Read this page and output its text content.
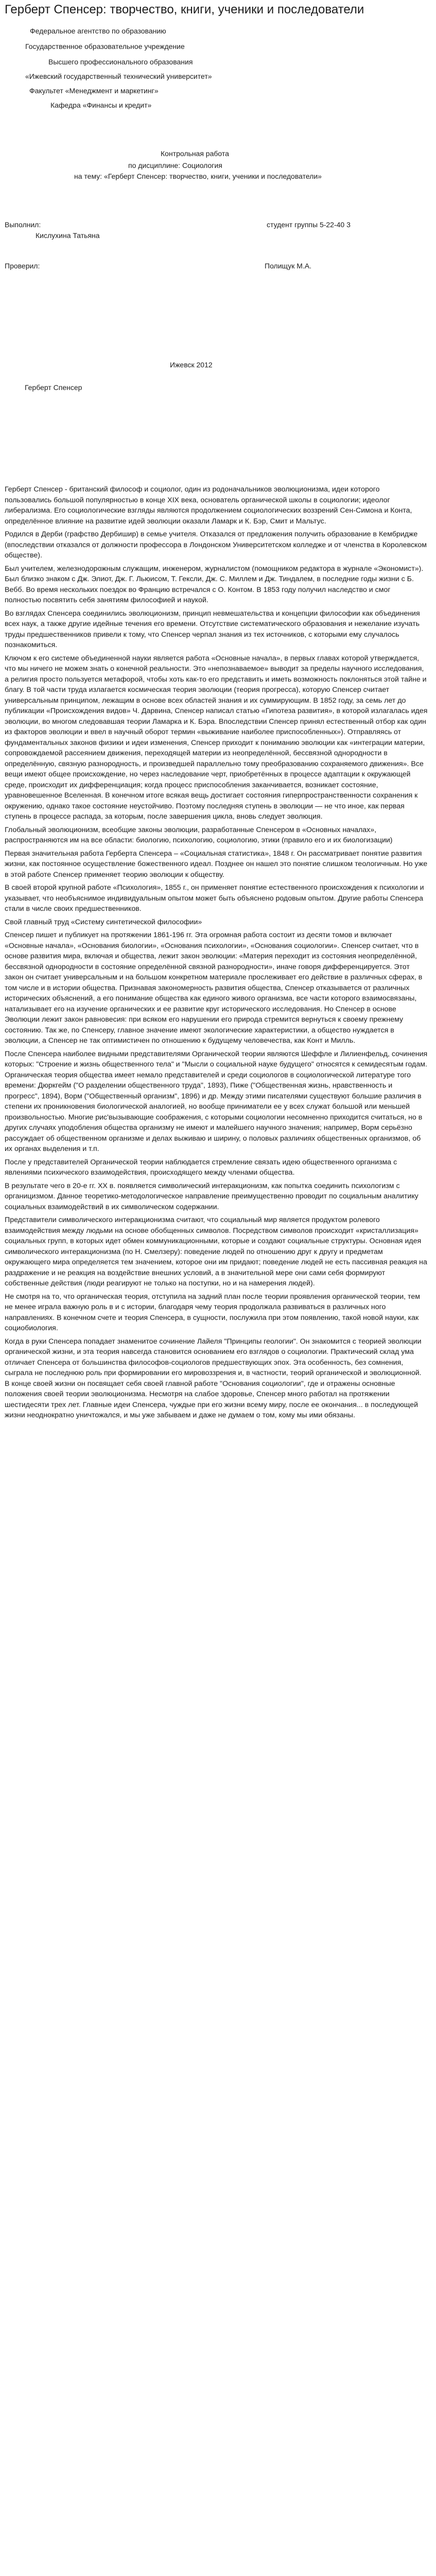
Герберт Спенсер: творчество, книги, ученики и последователи
Федеральное агентство по образованию
Государственное образовательное учреждение
Высшего профессионального образования
«Ижевский государственный технический университет»
Факультет «Менеджмент и маркетинг»
Кафедра «Финансы и кредит»
Контрольная работа
по дисциплине: Социология
на тему: «Герберт Спенсер: творчество, книги, ученики и последователи»
Выполнил:	студент группы 5-22-40 3
Кислухина Татьяна
Проверил:	Полищук М.А.
Ижевск 2012
Герберт Спенсер

Герберт Спенсер - британский философ и социолог, один из родоначальников эволюционизма, идеи которого пользовались большой популярностью в конце XIX века, основатель органической школы в социологии; идеолог либерализма. Его социологические взгляды являются продолжением социологических воззрений Сен-Симона и Конта, определённое влияние на развитие идей эволюции оказали Ламарк и К. Бэр, Смит и Мальтус.

Родился в Дерби (графство Дербишир) в семье учителя. Отказался от предложения получить образование в Кембридже (впоследствии отказался от должности профессора в Лондонском Университетском колледже и от членства в Королевском обществе).

Был учителем, железнодорожным служащим, инженером, журналистом (помощником редактора в журнале «Экономист»). Был близко знаком с Дж. Элиот, Дж. Г. Льюисом, Т. Гексли, Дж. С. Миллем и Дж. Тиндалем, в последние годы жизни с Б. Вебб. Во время нескольких поездок во Францию встречался с О. Контом. В 1853 году получил наследство и смог полностью посвятить себя занятиям философией и наукой.

Во взглядах Спенсера соединились эволюционизм, принцип невмешательства и концепции философии как объединения всех наук, а также другие идейные течения его времени. Отсутствие систематического образования и нежелание изучать труды предшественников привели к тому, что Спенсер черпал знания из тех источников, с которыми ему случалось познакомиться.

Ключом к его системе объединенной науки является работа «Основные начала», в первых главах которой утверждается, что мы ничего не можем знать о конечной реальности. Это «непознаваемое» выводит за пределы научного исследования, а религия просто пользуется метафорой, чтобы хоть как-то его представить и иметь возможность поклоняться этой тайне и благу. В той части труда излагается космическая теория эволюции (теория прогресса), которую Спенсер считает универсальным принципом, лежащим в основе всех областей знания и их суммирующим. В 1852 году, за семь лет до публикации «Происхождения видов» Ч. Дарвина, Спенсер написал статью «Гипотеза развития», в которой излагалась идея эволюции, во многом следовавшая теории Ламарка и К. Бэра. Впоследствии Спенсер принял естественный отбор как один из факторов эволюции и ввел в научный оборот термин «выживание наиболее приспособленных»). Отправляясь от фундаментальных законов физики и идеи изменения, Спенсер приходит к пониманию эволюции как «интеграции материи, сопровождаемой рассеянием движения, переходящей материи из неопределённой, бессвязной однородности в определённую, связную разнородность, и произведшей параллельно тому преобразованию сохраняемого движения». Все вещи имеют общее происхождение, но через наследование черт, приобретённых в процессе адаптации к окружающей среде, происходит их дифференциация; когда процесс приспособления заканчивается, возникает состояние, уравновешенное Вселенная. В конечном итоге всякая вещь достигает состояния гиперпространственности сохранения к окружению, однако такое состояние неустойчиво. Поэтому последняя ступень в эволюции — не что иное, как первая ступень в процессе распада, за которым, после завершения цикла, вновь следует эволюция.

Глобальный эволюционизм, всеобщие законы эволюции, разработанные Спенсером в «Основных началах», распространяются им на все области: биологию, психологию, социологию, этики (правило его и их биологизации)

Первая значительная работа Герберта Спенсера – «Социальная статистика», 1848 г. Он рассматривает понятие развития жизни, как постоянное осуществление божественного идеал. Позднее он нашел это понятие слишком теологичным. Но уже в этой работе Спенсер применяет теорию эволюции к обществу.

В своей второй крупной работе «Психология», 1855 г., он применяет понятие естественного происхождения к психологии и указывает, что необъяснимое индивидуальным опытом может быть объяснено родовым опытом. Другие работы Спенсера стали в числе своих предшественников.

Свой главный труд «Систему синтетической философии»

Спенсер пишет и публикует на протяжении 1861-196 гг. Эта огромная работа состоит из десяти томов и включает «Основные начала», «Основания биологии», «Основания психологии», «Основания социологии». Спенсер считает, что в основе развития мира, включая и общества, лежит закон эволюции: «Материя переходит из состояния неопределённой, бессвязной однородности в состояние определённой связной разнородности», иначе говоря дифференцируется. Этот закон он считает универсальным и на большом конкретном материале прослеживает его действие в различных сферах, в том числе и в истории общества. Признавая закономерность развития общества, Спенсер отказывается от различных исторических объяснений, а его понимание общества как единого живого организма, все части которого взаимосвязаны, натализывает его на изучение органических и ее развитие круг исторического исследования. Но Спенсер в основе Эволюции лежит закон равновесия: при всяком его нарушении его природа стремится вернуться к своему прежнему состоянию. Так же, по Спенсеру, главное значение имеют экологические характеристики, а общество нуждается в эволюции, а Спенсер не так оптимистичен по отношению к будущему человечества, как Конт и Милль.

После Спенсера наиболее видными представителями Органической теории являются Шеффле и Лилиенфельд, сочинения которых: "Строение и жизнь общественного тела" и "Мысли о социальной науке будущего" относятся к семидесятым годам. Органическая теория общества имеет немало представителей и среди социологов в социологической литературе того времени: Дюркгейм ("О разделении общественного труда", 1893), Пиже ("Общественная жизнь, нравственность и прогресс", 1894), Ворм ("Общественный организм", 1896) и др. Между этими писателями существуют большие различия в степени их проникновения биологической аналогией, но вообще приниматели ее у всех служат большой или меньшей произвольностью. Многие рис'вызывающие соображения, с которыми социологии несомненно приходится считаться, но в других случаях уподобления общества организму не имеют и малейшего научного значения; например, Ворм серьёзно рассуждает об общественном организме и делах выживаю и ширину, о половых различиях общественных организмов, об их органах выделения и т.п.

После у представителей Органической теории наблюдается стремление связать идею общественного организма с явлениями психического взаимодействия, происходящего между членами общества.

В результате чего в 20-е гг. XX в. появляется символический интеракционизм, как попытка соединить психологизм с органицизмом. Данное теоретико-методологическое направление преимущественно проводит по социальным аналитику социальных взаимодействий в их символическом содержании.

Представители символического интеракционизма считают, что социальный мир является продуктом ролевого взаимодействия между людьми на основе обобщенных символов. Посредством символов происходит «кристаллизация» социальных групп, в которых идет обмен коммуникационными, которые и создают социальные структуры. Основная идея символического интеракционизма (по Н. Смелзеру): поведение людей по отношению друг к другу и предметам окружающего мира определяется тем значением, которое они им придают; поведение людей не есть пассивная реакция на раздражение и не реакция на воздействие внешних условий, а в значительной мере они сами себя формируют собственные действия (люди реагируют не только на поступки, но и на намерения людей).

Не смотря на то, что органическая теория, отступила на задний план после теории проявления органической теории, тем не менее играла важную роль в и с истории, благодаря чему теория продолжала развиваться в различных ного направлениях. В конечном счете и теория Спенсера, в сущности, послужила при этом появлению, такой новой науки, как социобиология.

Когда в руки Спенсера попадает знаменитое сочинение Лайеля "Принципы геологии". Он знакомится с теорией эволюции органической жизни, и эта теория навсегда становится основанием его взглядов о социологии. Практический склад ума отличает Спенсера от большинства философов-социологов предшествующих эпох. Эта особенность, без сомнения, сыграла не последнюю роль при формировании его мировоззрения и, в частности, теорий органической и эволюционной. В конце своей жизни он посвящает себя своей главной работе "Основания социологии", где и отражены основные положения своей теории эволюционизма. Несмотря на слабое здоровье, Спенсер много работал на протяжении шестидесяти трех лет. Главные идеи Спенсера, чуждые при его жизни всему миру, после ее окончания... в последующей жизни неоднократно уничтожался, и мы уже забываем и даже не думаем о том, кому мы ими обязаны.
